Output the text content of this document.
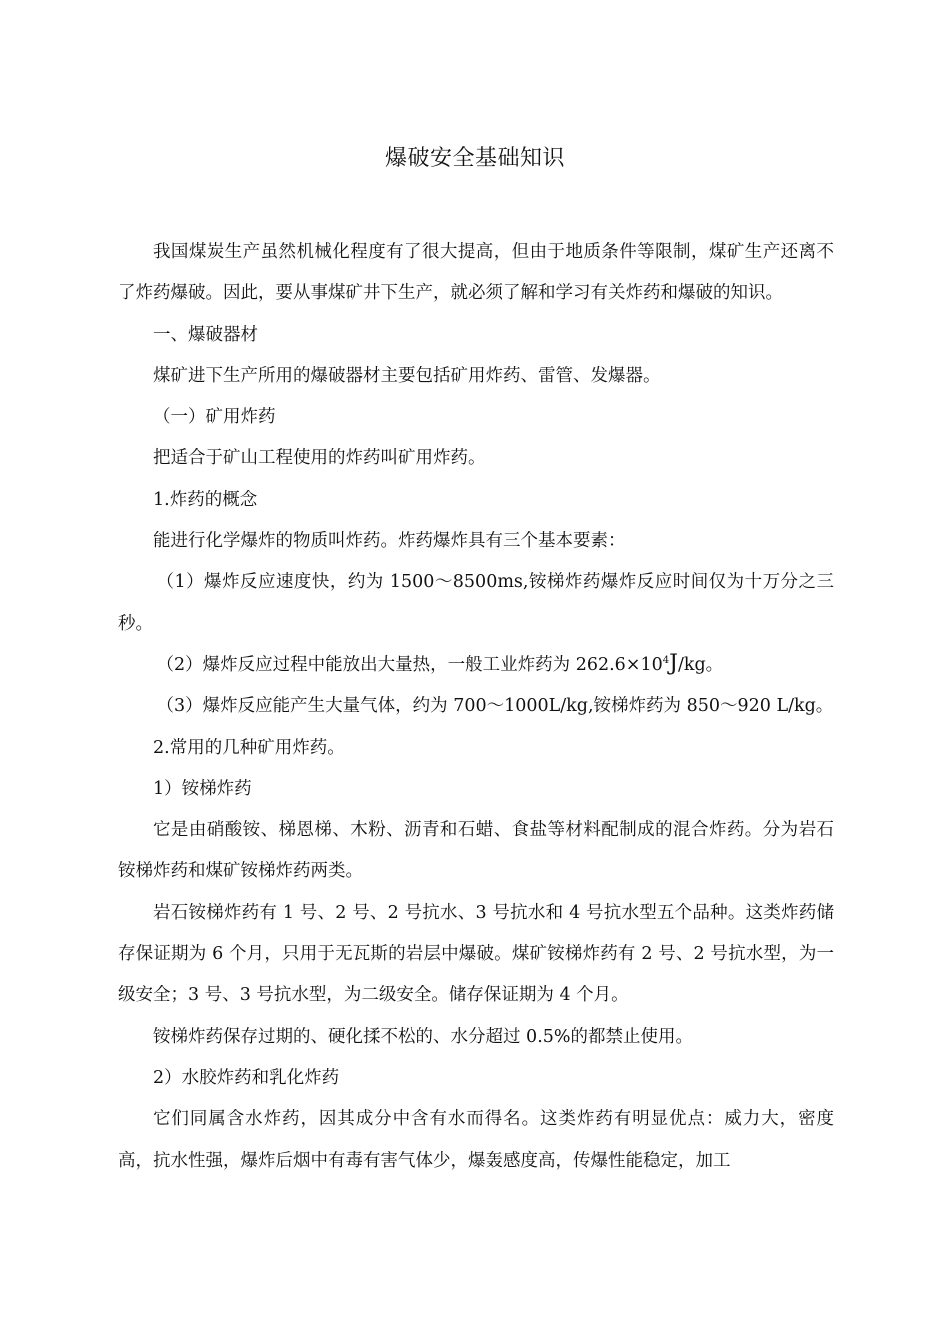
爆破安全基础知识

我国煤炭生产虽然机械化程度有了很大提高，但由于地质条件等限制，煤矿生产还离不了炸药爆破。因此，要从事煤矿井下生产，就必须了解和学习有关炸药和爆破的知识。

一、爆破器材

煤矿进下生产所用的爆破器材主要包括矿用炸药、雷管、发爆器。

（一）矿用炸药

把适合于矿山工程使用的炸药叫矿用炸药。

1.炸药的概念

能进行化学爆炸的物质叫炸药。炸药爆炸具有三个基本要素：

（1）爆炸反应速度快，约为 1500～8500ms,铵梯炸药爆炸反应时间仅为十万分之三秒。

（2）爆炸反应过程中能放出大量热，一般工业炸药为 $262.6\times 10^4J/kg$。

（3）爆炸反应能产生大量气体，约为 700～1000L/kg,铵梯炸药为 850～920 L/kg。

2.常用的几种矿用炸药。

1）铵梯炸药

它是由硝酸铵、梯恩梯、木粉、沥青和石蜡、食盐等材料配制成的混合炸药。分为岩石铵梯炸药和煤矿铵梯炸药两类。

岩石铵梯炸药有 1 号、2 号、2 号抗水、3 号抗水和 4 号抗水型五个品种。这类炸药储存保证期为 6 个月，只用于无瓦斯的岩层中爆破。煤矿铵梯炸药有 2 号、2 号抗水型，为一级安全；3 号、3 号抗水型，为二级安全。储存保证期为 4 个月。

铵梯炸药保存过期的、硬化揉不松的、水分超过 0.5%的都禁止使用。

2）水胶炸药和乳化炸药

它们同属含水炸药，因其成分中含有水而得名。这类炸药有明显优点：威力大，密度高，抗水性强，爆炸后烟中有毒有害气体少，爆轰感度高，传爆性能稳定，加工
